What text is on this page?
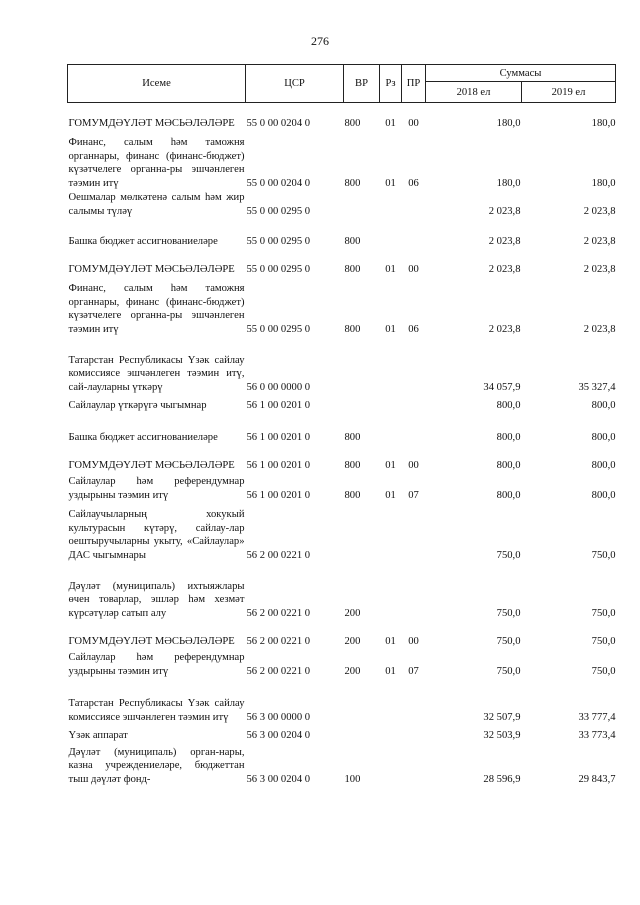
276
Исеме	ЦСР	ВР	Рз	ПР	Суммасы	
					2018 ел	2019 ел
ГОМУМДӘҮЛӘТ МӘСЬӘЛӘЛӘРЕ	55 0 00 0204 0	800	01	00	180,0	180,0
Финанс, салым һәм таможня органнары, финанс (финанс-бюджет) күзәтчелеге органна-ры эшчәнлеген тәэмин итү	55 0 00 0204 0	800	01	06	180,0	180,0
Оешмалар мөлкәтенә салым һәм жир салымы түләү	55 0 00 0295 0				2 023,8	2 023,8
Башка бюджет ассигнованиеләре	55 0 00 0295 0	800			2 023,8	2 023,8
ГОМУМДӘҮЛӘТ МӘСЬӘЛӘЛӘРЕ	55 0 00 0295 0	800	01	00	2 023,8	2 023,8
Финанс, салым һәм таможня органнары, финанс (финанс-бюджет) күзәтчелеге органна-ры эшчәнлеген тәэмин итү	55 0 00 0295 0	800	01	06	2 023,8	2 023,8
Татарстан Республикасы Үзәк сайлау комиссиясе эшчәнлеген тәэмин итү, сай-лауларны үткәрү	56 0 00 0000 0				34 057,9	35 327,4
Сайлаулар үткәрүгә чыгымнар	56 1 00 0201 0				800,0	800,0
Башка бюджет ассигнованиеләре	56 1 00 0201 0	800			800,0	800,0
ГОМУМДӘҮЛӘТ МӘСЬӘЛӘЛӘРЕ	56 1 00 0201 0	800	01	00	800,0	800,0
Сайлаулар һәм референдумнар уздырыны тәэмин итү	56 1 00 0201 0	800	01	07	800,0	800,0
Сайлаучыларның хокукый культурасын күтәрү, сайлау-лар оештыручыларны укыту, «Сайлаулар» ДАС чыгымнары	56 2 00 0221 0				750,0	750,0
Дәүләт (муниципаль) ихтыяжлары өчен товарлар, эшләр һәм хезмәт күрсәтүләр сатып алу	56 2 00 0221 0	200			750,0	750,0
ГОМУМДӘҮЛӘТ МӘСЬӘЛӘЛӘРЕ	56 2 00 0221 0	200	01	00	750,0	750,0
Сайлаулар һәм референдумнар уздырыны тәэмин итү	56 2 00 0221 0	200	01	07	750,0	750,0
Татарстан Республикасы Үзәк сайлау комиссиясе эшчәнлеген тәэмин итү	56 3 00 0000 0				32 507,9	33 777,4
Үзәк аппарат	56 3 00 0204 0				32 503,9	33 773,4
Дәүләт (муниципаль) орган-нары, казна учреждениеләре, бюджеттан тыш дәүләт фонд-	56 3 00 0204 0	100			28 596,9	29 843,7
